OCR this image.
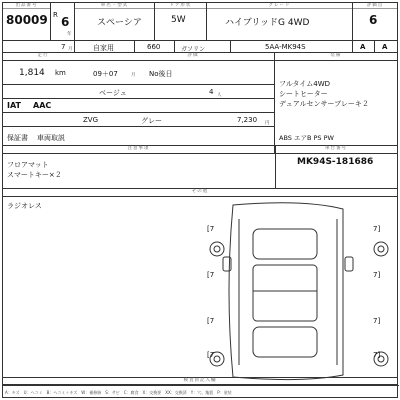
出品番号
80009 R 6
年
車名・型式
スペーシア
ドア形状
5W
グレード
ハイブリッドG 4WD
評価点
6
7 月	自家用	660	ガソリン	5AA-MK94S	A A
走行	評価
1,814 km	09＋07	月 No後日
ベージュ	4 人
IAT AAC
ZVG	グレー	7,230 円
保証書 車両取説
装備
フルタイム4WD
シートヒーター
デュアルセンサーブレーキ２
ABS エアB PS PW
注意事項
フロアマット
スマートキー×２
車台番号
MK94S-181686
その他
ラジオレス
[7	7]
[7	7]
[7	7]
[7	7]
検査員記入欄
A：キズ　U：ヘコミ　B：ヘコミ＋キズ　W：補修跡　S：サビ　C：腐食　X：交換要　XX：交換済　Y：穴、亀裂　P：塗装
